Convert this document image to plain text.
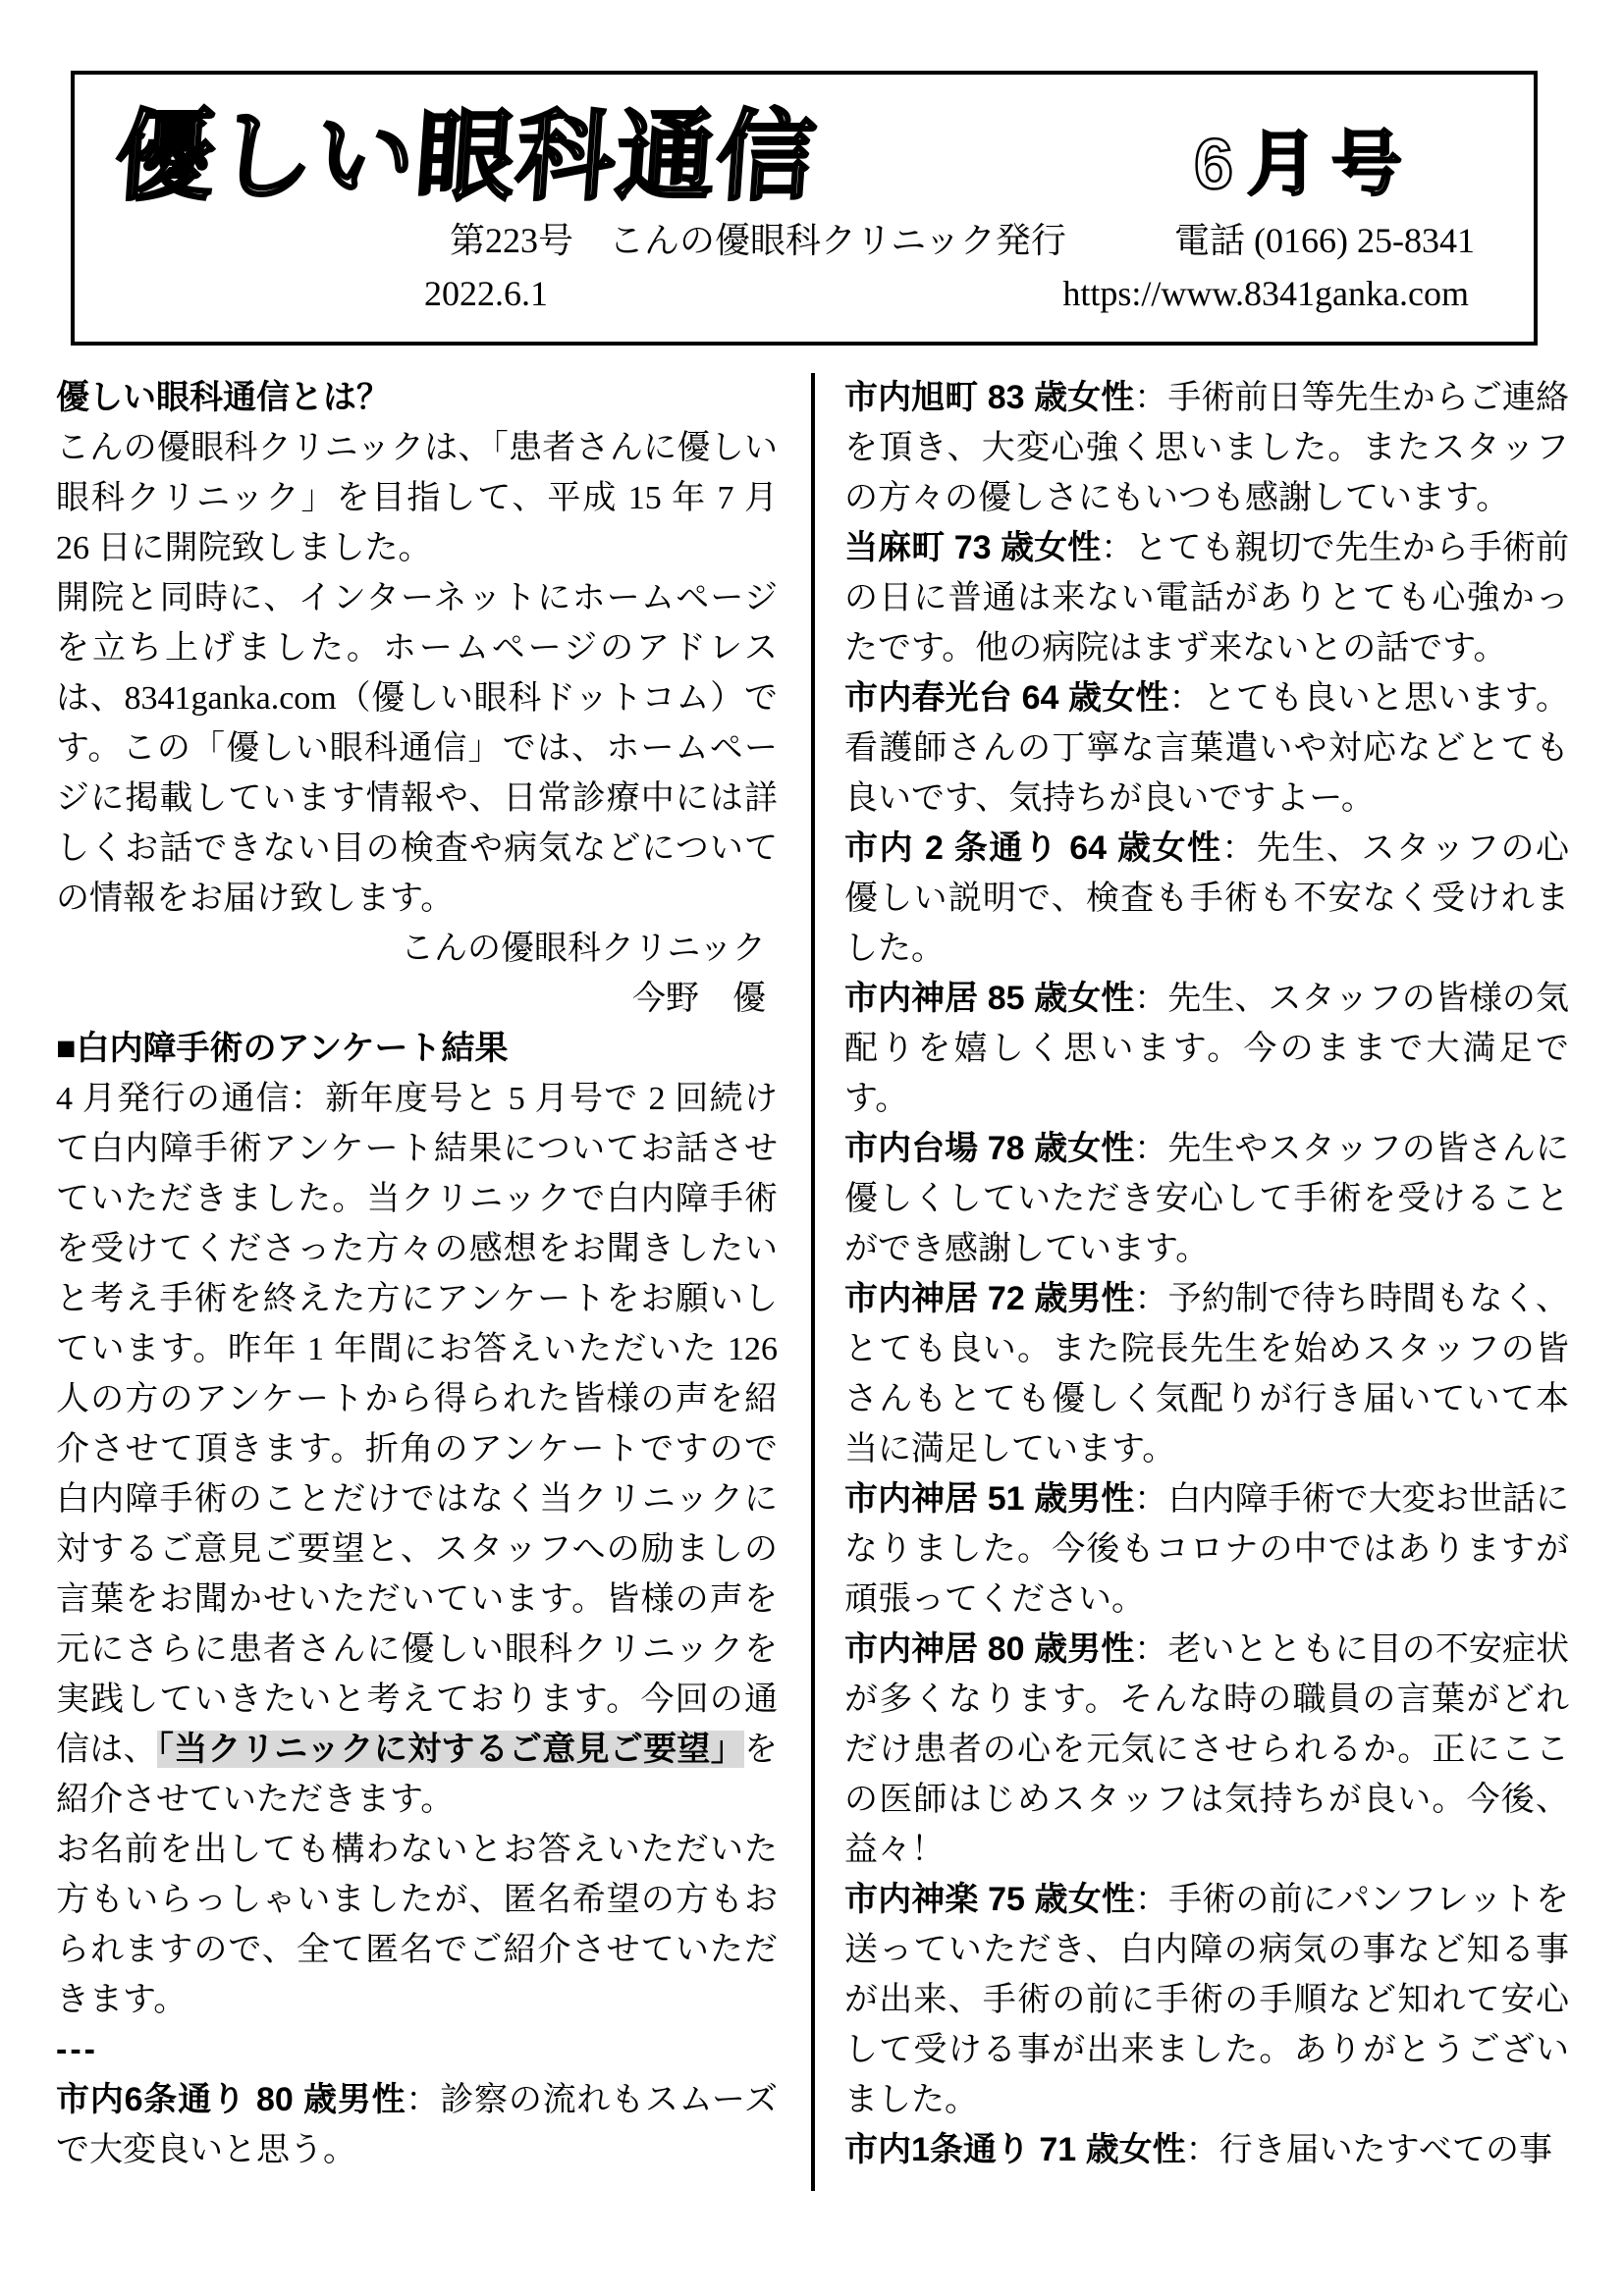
優しい眼科通信	6月号
第223号　こんの優眼科クリニック発行	電話 (0166) 25-8341
2022.6.1	https://www.8341ganka.com

優しい眼科通信とは？

こんの優眼科クリニックは、「患者さんに優しい眼科クリニック」を目指して、平成 15 年 7 月 26 日に開院致しました。

開院と同時に、インターネットにホームページを立ち上げました。ホームページのアドレスは、8341ganka.com（優しい眼科ドットコム）です。この「優しい眼科通信」では、ホームページに掲載しています情報や、日常診療中には詳しくお話できない目の検査や病気などについての情報をお届け致します。

こんの優眼科クリニック

今野　優

■白内障手術のアンケート結果

4 月発行の通信：新年度号と 5 月号で 2 回続けて白内障手術アンケート結果についてお話させていただきました。当クリニックで白内障手術を受けてくださった方々の感想をお聞きしたいと考え手術を終えた方にアンケートをお願いしています。昨年 1 年間にお答えいただいた 126 人の方のアンケートから得られた皆様の声を紹介させて頂きます。折角のアンケートですので白内障手術のことだけではなく当クリニックに対するご意見ご要望と、スタッフへの励ましの言葉をお聞かせいただいています。皆様の声を元にさらに患者さんに優しい眼科クリニックを実践していきたいと考えております。今回の通信は、「当クリニックに対するご意見ご要望」を紹介させていただきます。

お名前を出しても構わないとお答えいただいた方もいらっしゃいましたが、匿名希望の方もおられますので、全て匿名でご紹介させていただきます。

---

市内6条通り 80 歳男性：診察の流れもスムーズで大変良いと思う。

市内旭町 83 歳女性：手術前日等先生からご連絡を頂き、大変心強く思いました。またスタッフの方々の優しさにもいつも感謝しています。

当麻町 73 歳女性：とても親切で先生から手術前の日に普通は来ない電話がありとても心強かったです。他の病院はまず来ないとの話です。

市内春光台 64 歳女性：とても良いと思います。看護師さんの丁寧な言葉遣いや対応などとても良いです、気持ちが良いですよー。

市内 2 条通り 64 歳女性：先生、スタッフの心優しい説明で、検査も手術も不安なく受けれました。

市内神居 85 歳女性：先生、スタッフの皆様の気配りを嬉しく思います。今のままで大満足です。

市内台場 78 歳女性：先生やスタッフの皆さんに優しくしていただき安心して手術を受けることができ感謝しています。

市内神居 72 歳男性：予約制で待ち時間もなく、とても良い。また院長先生を始めスタッフの皆さんもとても優しく気配りが行き届いていて本当に満足しています。

市内神居 51 歳男性：白内障手術で大変お世話になりました。今後もコロナの中ではありますが頑張ってください。

市内神居 80 歳男性：老いとともに目の不安症状が多くなります。そんな時の職員の言葉がどれだけ患者の心を元気にさせられるか。正にここの医師はじめスタッフは気持ちが良い。今後、益々！

市内神楽 75 歳女性：手術の前にパンフレットを送っていただき、白内障の病気の事など知る事が出来、手術の前に手術の手順など知れて安心して受ける事が出来ました。ありがとうございました。

市内1条通り 71 歳女性：行き届いたすべての事
